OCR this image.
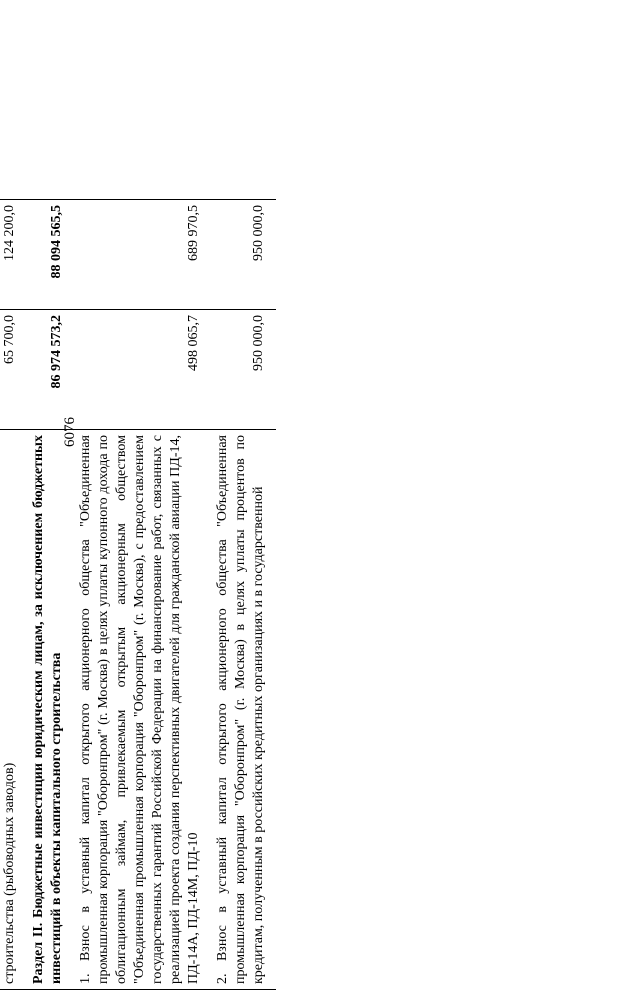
6076

строительства (рыбоводных заводов)	65 700,0	124 200,0
Раздел II. Бюджетные инвестиции юридическим лицам, за исключением бюджетных инвестиций в объекты капитального строительства	86 974 573,2	88 094 565,5
1. Взнос в уставный капитал открытого акционерного общества "Объединенная промышленная корпорация "Оборонпром" (г. Москва) в целях уплаты купонного дохода по облигационным займам, привлекаемым открытым акционерным обществом "Объединенная промышленная корпорация "Оборонпром" (г. Москва), с предоставлением государственных гарантий Российской Федерации на финансирование работ, связанных с реализацией проекта создания перспективных двигателей для гражданской авиации ПД-14, ПД-14А, ПД-14М, ПД-10	498 065,7	689 970,5
2. Взнос в уставный капитал открытого акционерного общества "Объединенная промышленная корпорация "Оборонпром" (г. Москва) в целях уплаты процентов по кредитам, полученным в российских кредитных организациях и в государственной	950 000,0	950 000,0
